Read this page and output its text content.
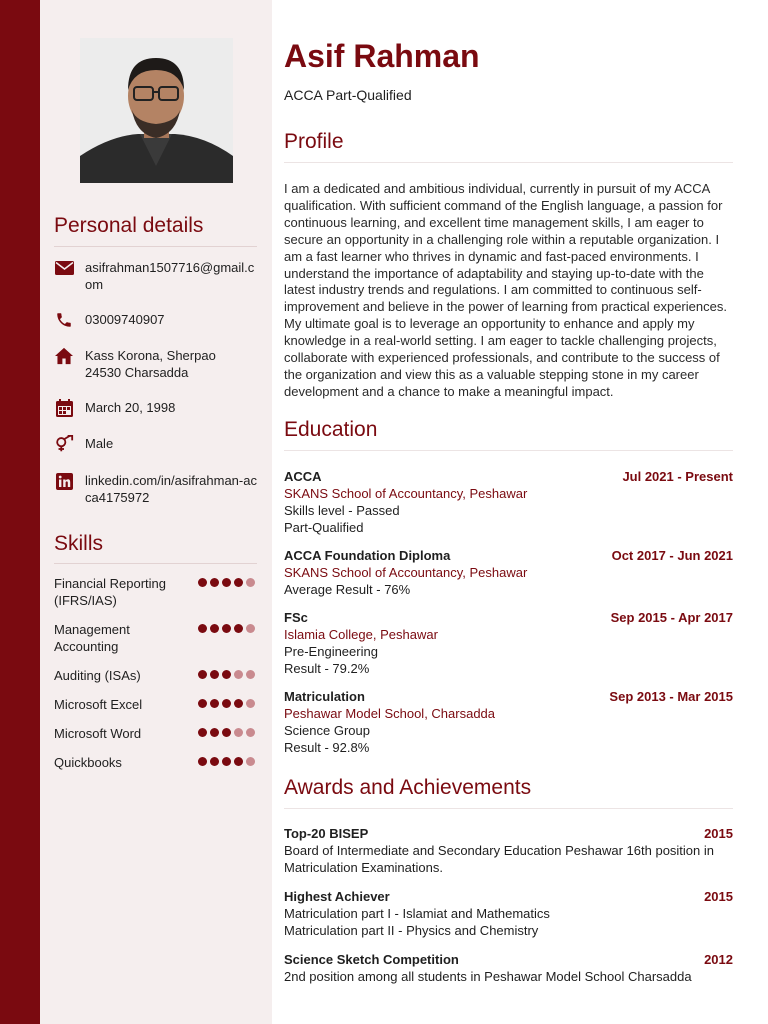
Personal details
asifrahman1507716@gmail.com
03009740907
Kass Korona, Sherpao
24530 Charsadda
March 20, 1998
Male
linkedin.com/in/asifrahman-acca4175972
Skills
Financial Reporting (IFRS/IAS)
Management Accounting
Auditing (ISAs)
Microsoft Excel
Microsoft Word
Quickbooks
Asif Rahman
ACCA Part-Qualified
Profile
I am a dedicated and ambitious individual, currently in pursuit of my ACCA qualification. With sufficient command of the English language, a passion for continuous learning, and excellent time management skills, I am eager to secure an opportunity in a challenging role within a reputable organization. I am a fast learner who thrives in dynamic and fast-paced environments. I understand the importance of adaptability and staying up-to-date with the latest industry trends and regulations. I am committed to continuous self-improvement and believe in the power of learning from practical experiences. My ultimate goal is to leverage an opportunity to enhance and apply my knowledge in a real-world setting. I am eager to tackle challenging projects, collaborate with experienced professionals, and contribute to the success of the organization and view this as a valuable stepping stone in my career development and a chance to make a meaningful impact.
Education
ACCA	Jul 2021 - Present
SKANS School of Accountancy, Peshawar
Skills level - Passed
Part-Qualified
ACCA Foundation Diploma	Oct 2017 - Jun 2021
SKANS School of Accountancy, Peshawar
Average Result - 76%
FSc	Sep 2015 - Apr 2017
Islamia College, Peshawar
Pre-Engineering
Result - 79.2%
Matriculation	Sep 2013 - Mar 2015
Peshawar Model School, Charsadda
Science Group
Result - 92.8%
Awards and Achievements
Top-20 BISEP	2015
Board of Intermediate and Secondary Education Peshawar 16th position in Matriculation Examinations.
Highest Achiever	2015
Matriculation part I - Islamiat and Mathematics
Matriculation part II - Physics and Chemistry
Science Sketch Competition	2012
2nd position among all students in Peshawar Model School Charsadda
